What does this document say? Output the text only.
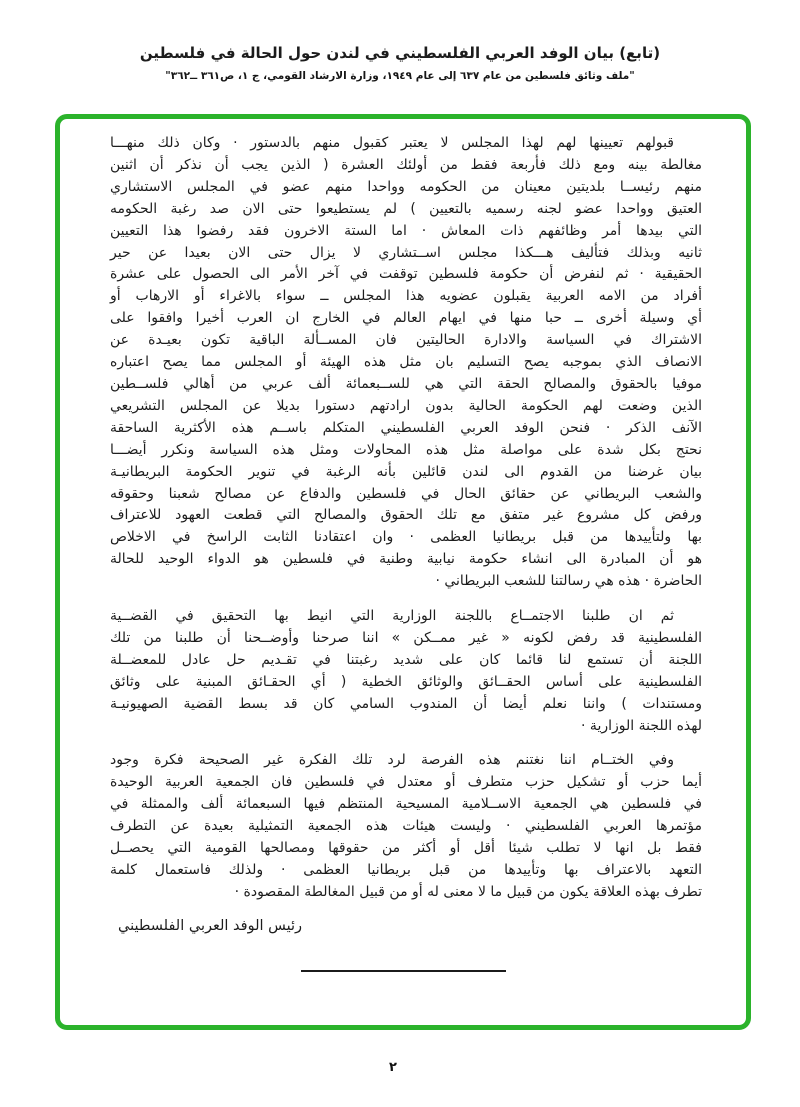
(تابع) بيان الوفد العربي الفلسطيني في لندن حول الحالة في فلسطين
"ملف وثائق فلسطين من عام ٦٣٧ إلى عام ١٩٤٩، وزارة الارشاد القومي، ج ١، ص٣٦١ ــ٣٦٢"
قبولهم تعيينها لهم لهذا المجلس لا يعتبر كقبول منهم بالدستور · وكان ذلك منهـــا
مغالطة بينه ومع ذلك فأربعة فقط من أولئك العشرة ( الذين يجب أن نذكر أن اثنين
منهم رئيســا بلديتين معينان من الحكومه وواحدا منهم عضو في المجلس الاستشاري
العتيق وواحدا عضو لجنه رسميه بالتعيين ) لم يستطيعوا حتى الان صد رغبة الحكومه
التي بيدها أمر وظائفهم ذات المعاش · اما الستة الاخرون فقد رفضوا هذا التعيين
ثانيه وبذلك فتأليف هـــكذا مجلس اســتشاري لا يزال حتى الان بعيدا عن حير
الحقيقية · ثم لنفرض أن حكومة فلسطين توقفت في آخر الأمر الى الحصول على عشرة
أفراد من الامه العربية يقبلون عضويه هذا المجلس ــ سواء بالاغراء أو الارهاب أو
أي وسيلة أخرى ــ حبا منها في ايهام العالم في الخارج ان العرب أخيرا وافقوا على
الاشتراك في السياسة والادارة الحاليتين فان المســألة الباقية تكون بعيـدة عن
الانصاف الذي بموجبه يصح التسليم بان مثل هذه الهيئة أو المجلس مما يصح اعتباره
موفيا بالحقوق والمصالح الحقة التي هي للســبعمائة ألف عربي من أهالي فلســطين
الذين وضعت لهم الحكومة الحالية بدون ارادتهم دستورا بديلا عن المجلس التشريعي
الآنف الذكر · فنحن الوفد العربي الفلسطيني المتكلم باســم هذه الأكثرية الساحقة
نحتج بكل شدة على مواصلة مثل هذه المحاولات ومثل هذه السياسة ونكرر أيضـــا
بيان غرضنا من القدوم الى لندن قائلين بأنه الرغبة في تنوير الحكومة البريطانيـة
والشعب البريطاني عن حقائق الحال في فلسطين والدفاع عن مصالح شعبنا وحقوقه
ورفض كل مشروع غير متفق مع تلك الحقوق والمصالح التي قطعت العهود للاعتراف
بها ولتأييدها من قبل بريطانيا العظمى · وان اعتقادنا الثابت الراسخ في الاخلاص
هو أن المبادرة الى انشاء حكومة نيابية وطنية في فلسطين هو الدواء الوحيد للحالة
الحاضرة · هذه هي رسالتنا للشعب البريطاني ·
ثم ان طلبنا الاجتمــاع باللجنة الوزارية التي انيط بها التحقيق في القضــية
الفلسطينية قد رفض لكونه « غير ممــكن » اننا صرحنا وأوضــحنا أن طلبنا من تلك
اللجنة أن تستمع لنا قائما كان على شديد رغبتنا في تقـديم حل عادل للمعضــلة
الفلسطينية على أساس الحقــائق والوثائق الخطية ( أي الحقـائق المبنية على وثائق
ومستندات ) واننا نعلم أيضا أن المندوب السامي كان قد بسط القضية الصهيونيـة
لهذه اللجنة الوزارية ·
وفي الختــام اننا نغتنم هذه الفرصة لرد تلك الفكرة غير الصحيحة فكرة وجود
أيما حزب أو تشكيل حزب متطرف أو معتدل في فلسطين فان الجمعية العربية الوحيدة
في فلسطين هي الجمعية الاســلامية المسيحية المنتظم فيها السبعمائة ألف والممثلة في
مؤتمرها العربي الفلسطيني · وليست هيئات هذه الجمعية التمثيلية بعيدة عن التطرف
فقط بل انها لا تطلب شيئا أقل أو أكثر من حقوقها ومصالحها القومية التي يحصــل
التعهد بالاعتراف بها وتأييدها من قبل بريطانيا العظمى · ولذلك فاستعمال كلمة
تطرف بهذه العلاقة يكون من قبيل ما لا معنى له أو من قبيل المغالطة المقصودة ·
رئيس الوفد العربي الفلسطيني
٢
